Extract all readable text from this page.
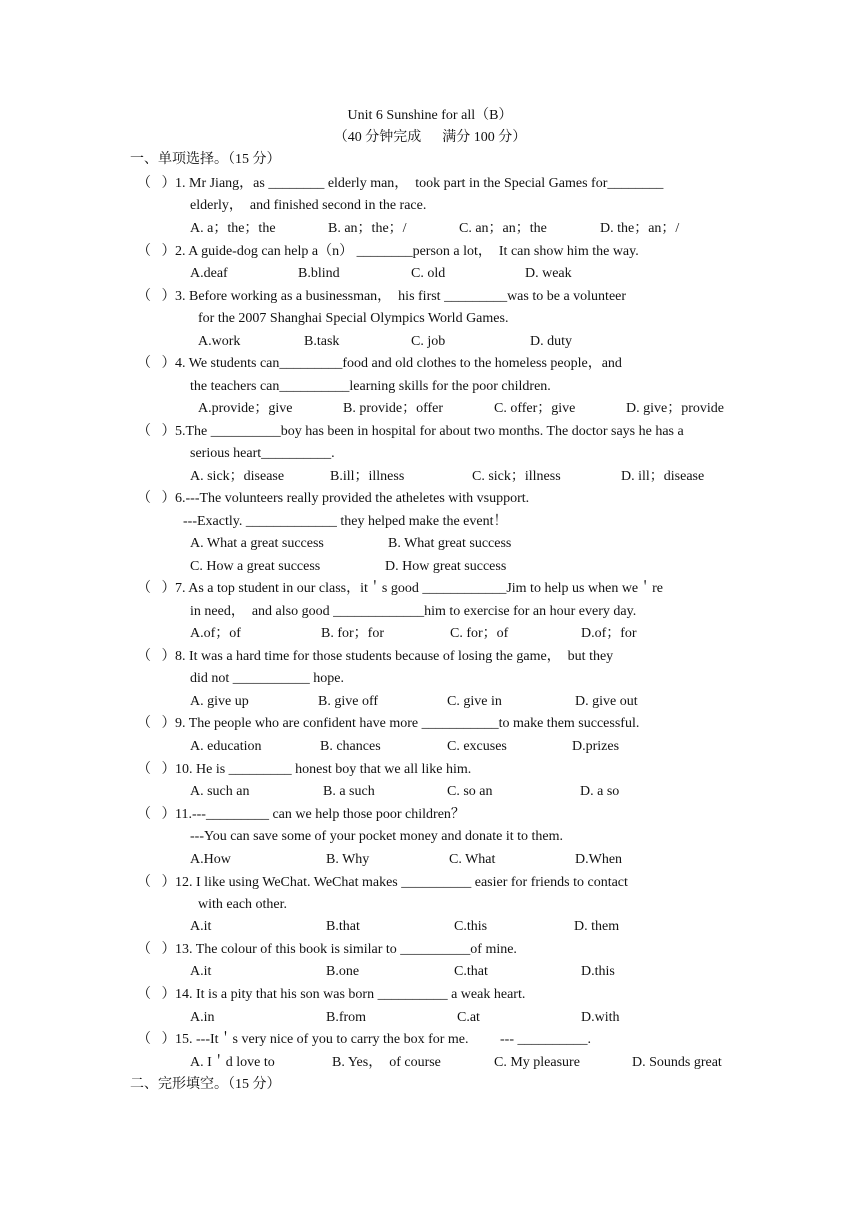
Unit 6 Sunshine for all（B）
（40 分钟完成      满分 100 分）
一、单项选择。（15 分）
（   ） 1. Mr Jiang，as ________ elderly man，  took part in the Special Games for________
elderly，  and finished second in the race.
A. a；the；the	B. an；the；/	C. an；an；the	D. the；an；/
（   ） 2. A guide-dog can help a（n） ________person a lot，  It can show him the way.
A.deaf	B.blind	C. old	D. weak
（   ） 3. Before working as a businessman，  his first _________was to be a volunteer
for the 2007 Shanghai Special Olympics World Games.
A.work	B.task	C. job	D. duty
（   ） 4. We students can_________food and old clothes to the homeless people，and
the teachers can__________learning skills for the poor children.
A.provide；give	B. provide；offer	C. offer；give	D. give；provide
（   ） 5.The __________boy has been in hospital for about two months. The doctor says he has a
serious heart__________.
A. sick；disease	B.ill；illness	C. sick；illness	D. ill；disease
（   ） 6.---The volunteers really provided the atheletes with vsupport.
---Exactly. _____________ they helped make the event！
A. What a great success	B. What great success
C. How a great success	D. How great success
（   ） 7. As a top student in our class，it＇s good ____________Jim to help us when we＇re
in need，  and also good _____________him to exercise for an hour every day.
A.of；of	B. for；for	C. for；of	D.of；for
（   ） 8. It was a hard time for those students because of losing the game，  but they
did not ___________ hope.
A. give up	B. give off	C. give in	D. give out
（   ） 9. The people who are confident have more ___________to make them successful.
A. education	B. chances	C. excuses	D.prizes
（   ） 10. He is _________ honest boy that we all like him.
A. such an	B. a such	C. so an	D. a so
（   ） 11.---_________ can we help those poor children？
---You can save some of your pocket money and donate it to them.
A.How	B. Why	C. What	D.When
（   ） 12. I like using WeChat. WeChat makes __________ easier for friends to contact
with each other.
A.it	B.that	C.this	D. them
（   ） 13. The colour of this book is similar to __________of mine.
A.it	B.one	C.that	D.this
（   ） 14. It is a pity that his son was born __________ a weak heart.
A.in	B.from	C.at	D.with
（   ） 15. ---It＇s very nice of you to carry the box for me.         --- __________.
A. I＇d love to	B. Yes，  of course	C. My pleasure	D. Sounds great
二、完形填空。（15 分）
